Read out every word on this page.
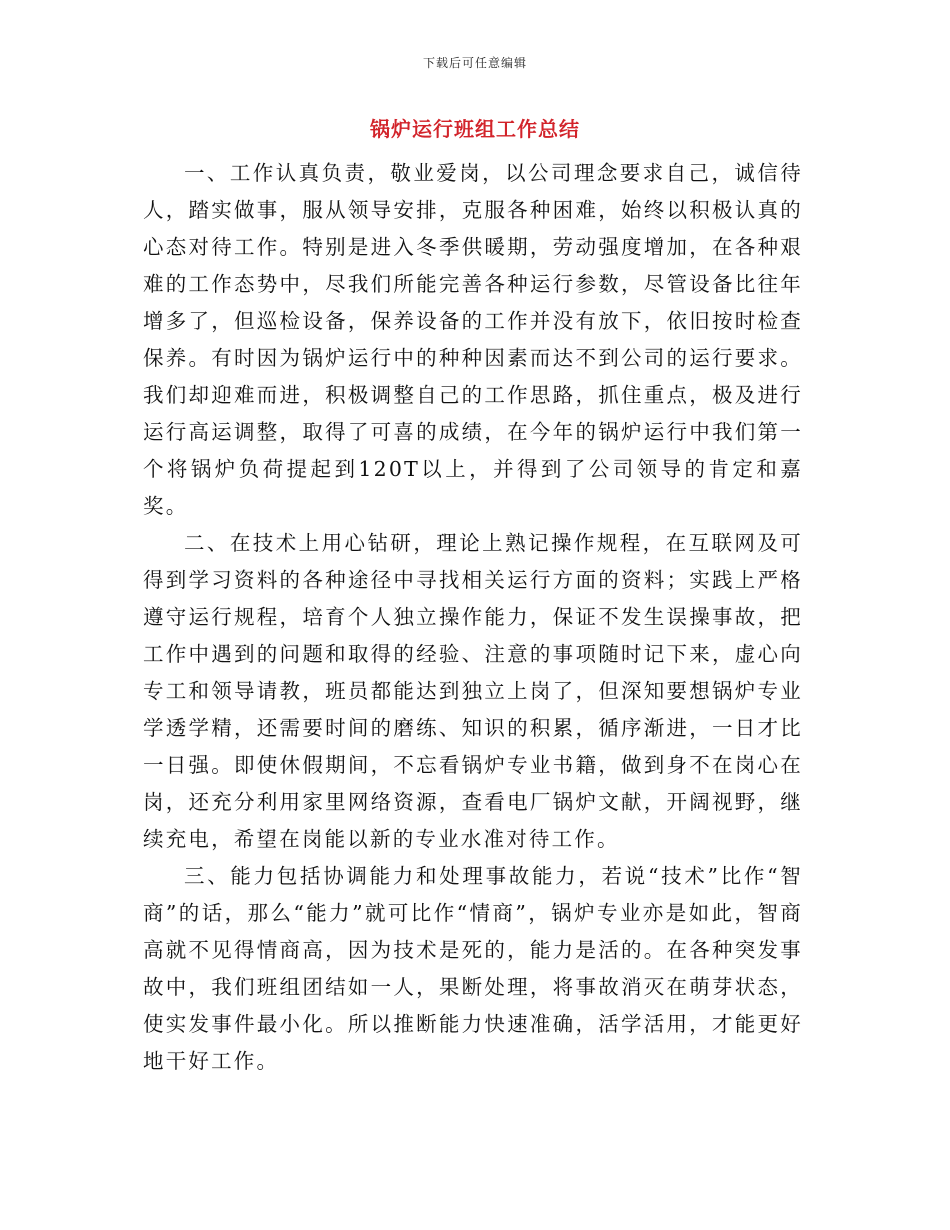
下载后可任意编辑
锅炉运行班组工作总结

一、工作认真负责，敬业爱岗，以公司理念要求自己，诚信待人，踏实做事，服从领导安排，克服各种困难，始终以积极认真的心态对待工作。特别是进入冬季供暖期，劳动强度增加，在各种艰难的工作态势中，尽我们所能完善各种运行参数，尽管设备比往年增多了，但巡检设备，保养设备的工作并没有放下，依旧按时检查保养。有时因为锅炉运行中的种种因素而达不到公司的运行要求。我们却迎难而进，积极调整自己的工作思路，抓住重点，极及进行运行高运调整，取得了可喜的成绩，在今年的锅炉运行中我们第一个将锅炉负荷提起到120T以上，并得到了公司领导的肯定和嘉奖。

二、在技术上用心钻研，理论上熟记操作规程，在互联网及可得到学习资料的各种途径中寻找相关运行方面的资料；实践上严格遵守运行规程，培育个人独立操作能力，保证不发生误操事故，把工作中遇到的问题和取得的经验、注意的事项随时记下来，虚心向专工和领导请教，班员都能达到独立上岗了，但深知要想锅炉专业学透学精，还需要时间的磨练、知识的积累，循序渐进，一日才比一日强。即使休假期间，不忘看锅炉专业书籍，做到身不在岗心在岗，还充分利用家里网络资源，查看电厂锅炉文献，开阔视野，继续充电，希望在岗能以新的专业水准对待工作。

三、能力包括协调能力和处理事故能力，若说“技术”比作“智商”的话，那么“能力”就可比作“情商”，锅炉专业亦是如此，智商高就不见得情商高，因为技术是死的，能力是活的。在各种突发事故中，我们班组团结如一人，果断处理，将事故消灭在萌芽状态，使实发事件最小化。所以推断能力快速准确，活学活用，才能更好地干好工作。
